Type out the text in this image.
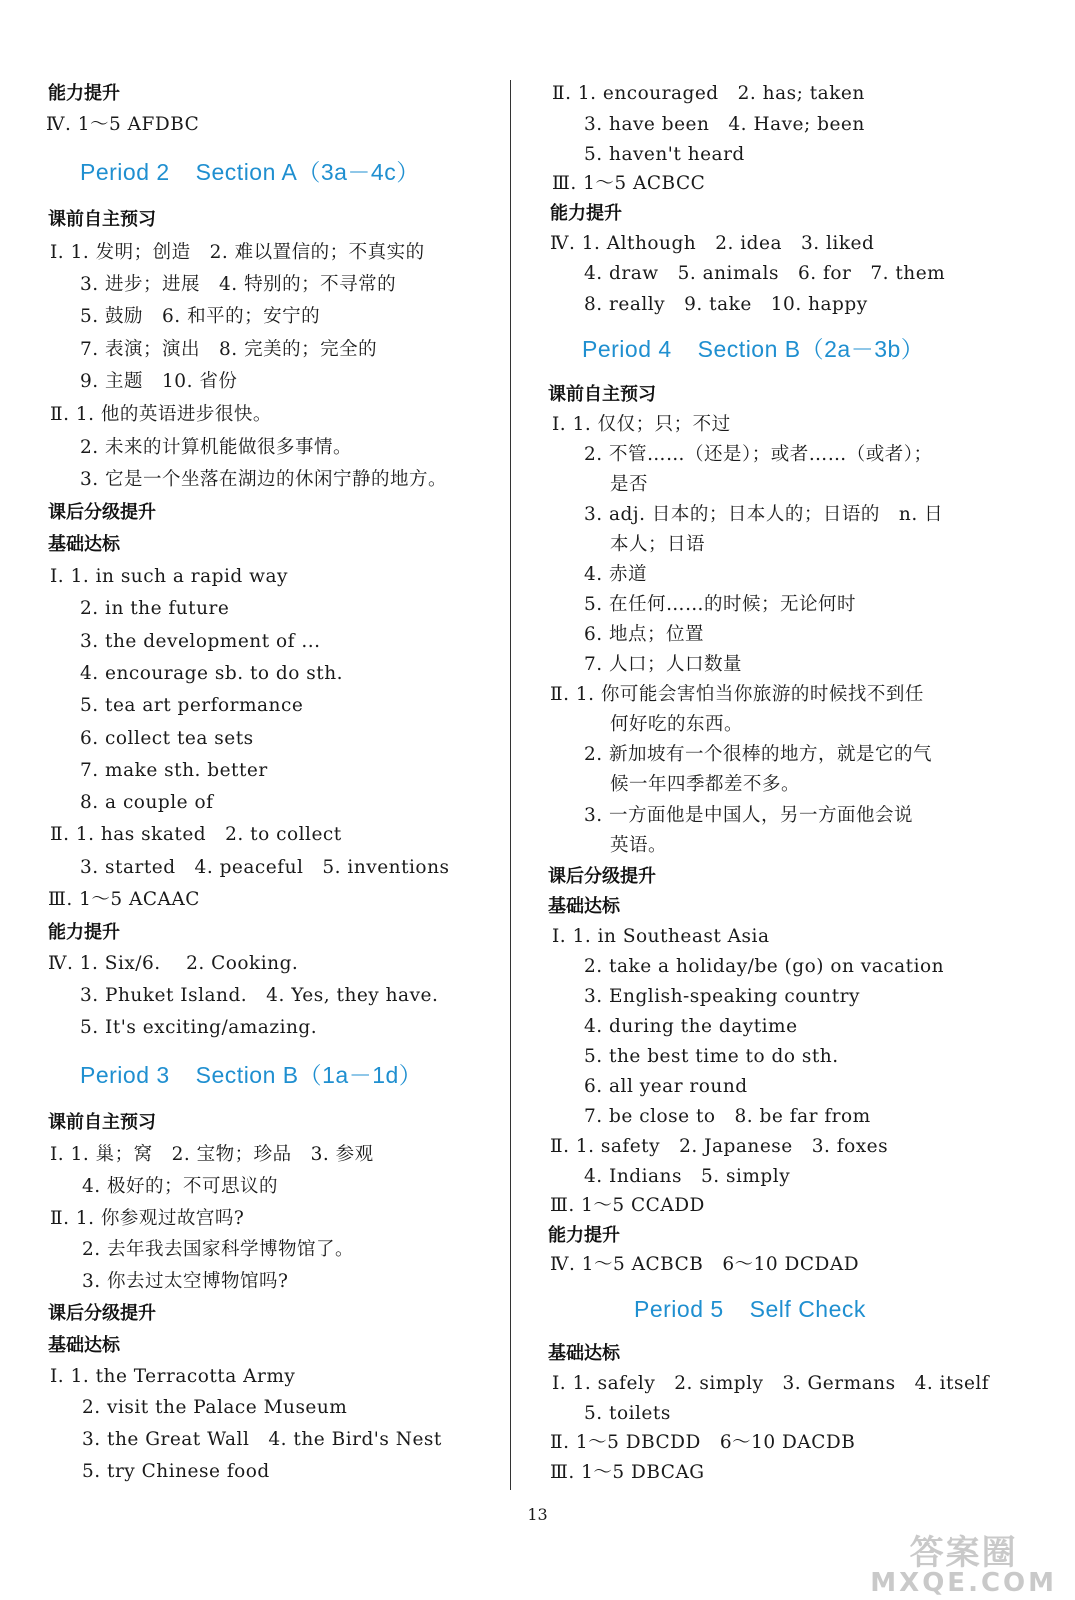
能力提升
Ⅳ. 1～5 AFDBC
Period 2 Section A（3a－4c）
课前自主预习
Ⅰ. 1. 发明；创造　2. 难以置信的；不真实的
3. 进步；进展　4. 特别的；不寻常的
5. 鼓励　6. 和平的；安宁的
7. 表演；演出　8. 完美的；完全的
9. 主题　10. 省份
Ⅱ. 1. 他的英语进步很快。
2. 未来的计算机能做很多事情。
3. 它是一个坐落在湖边的休闲宁静的地方。
课后分级提升
基础达标
Ⅰ. 1. in such a rapid way
2. in the future
3. the development of ...
4. encourage sb. to do sth.
5. tea art performance
6. collect tea sets
7. make sth. better
8. a couple of
Ⅱ. 1. has skated　2. to collect
3. started　4. peaceful　5. inventions
Ⅲ. 1～5 ACAAC
能力提升
Ⅳ. 1. Six/6.　 2. Cooking.
3. Phuket Island.　4. Yes, they have.
5. It's exciting/amazing.
Period 3 Section B（1a－1d）
课前自主预习
Ⅰ. 1. 巢；窝　2. 宝物；珍品　3. 参观
4. 极好的；不可思议的
Ⅱ. 1. 你参观过故宫吗?
2. 去年我去国家科学博物馆了。
3. 你去过太空博物馆吗?
课后分级提升
基础达标
Ⅰ. 1. the Terracotta Army
2. visit the Palace Museum
3. the Great Wall　4. the Bird's Nest
5. try Chinese food
Ⅱ. 1. encouraged　2. has; taken
3. have been　4. Have; been
5. haven't heard
Ⅲ. 1～5 ACBCC
能力提升
Ⅳ. 1. Although　2. idea　3. liked
4. draw　5. animals　6. for　7. them
8. really　9. take　10. happy
Period 4 Section B（2a－3b）
课前自主预习
Ⅰ. 1. 仅仅；只；不过
2. 不管……（还是）；或者……（或者）；
是否
3. adj. 日本的；日本人的；日语的　n. 日
本人；日语
4. 赤道
5. 在任何……的时候；无论何时
6. 地点；位置
7. 人口；人口数量
Ⅱ. 1. 你可能会害怕当你旅游的时候找不到任
何好吃的东西。
2. 新加坡有一个很棒的地方，就是它的气
候一年四季都差不多。
3. 一方面他是中国人，另一方面他会说
英语。
课后分级提升
基础达标
Ⅰ. 1. in Southeast Asia
2. take a holiday/be (go) on vacation
3. English-speaking country
4. during the daytime
5. the best time to do sth.
6. all year round
7. be close to　8. be far from
Ⅱ. 1. safety　2. Japanese　3. foxes
4. Indians　5. simply
Ⅲ. 1～5 CCADD
能力提升
Ⅳ. 1～5 ACBCB　6～10 DCDAD
Period 5 Self Check
基础达标
Ⅰ. 1. safely　2. simply　3. Germans　4. itself
5. toilets
Ⅱ. 1～5 DBCDD　6～10 DACDB
Ⅲ. 1～5 DBCAG
13
答案圈
MXQE.COM
